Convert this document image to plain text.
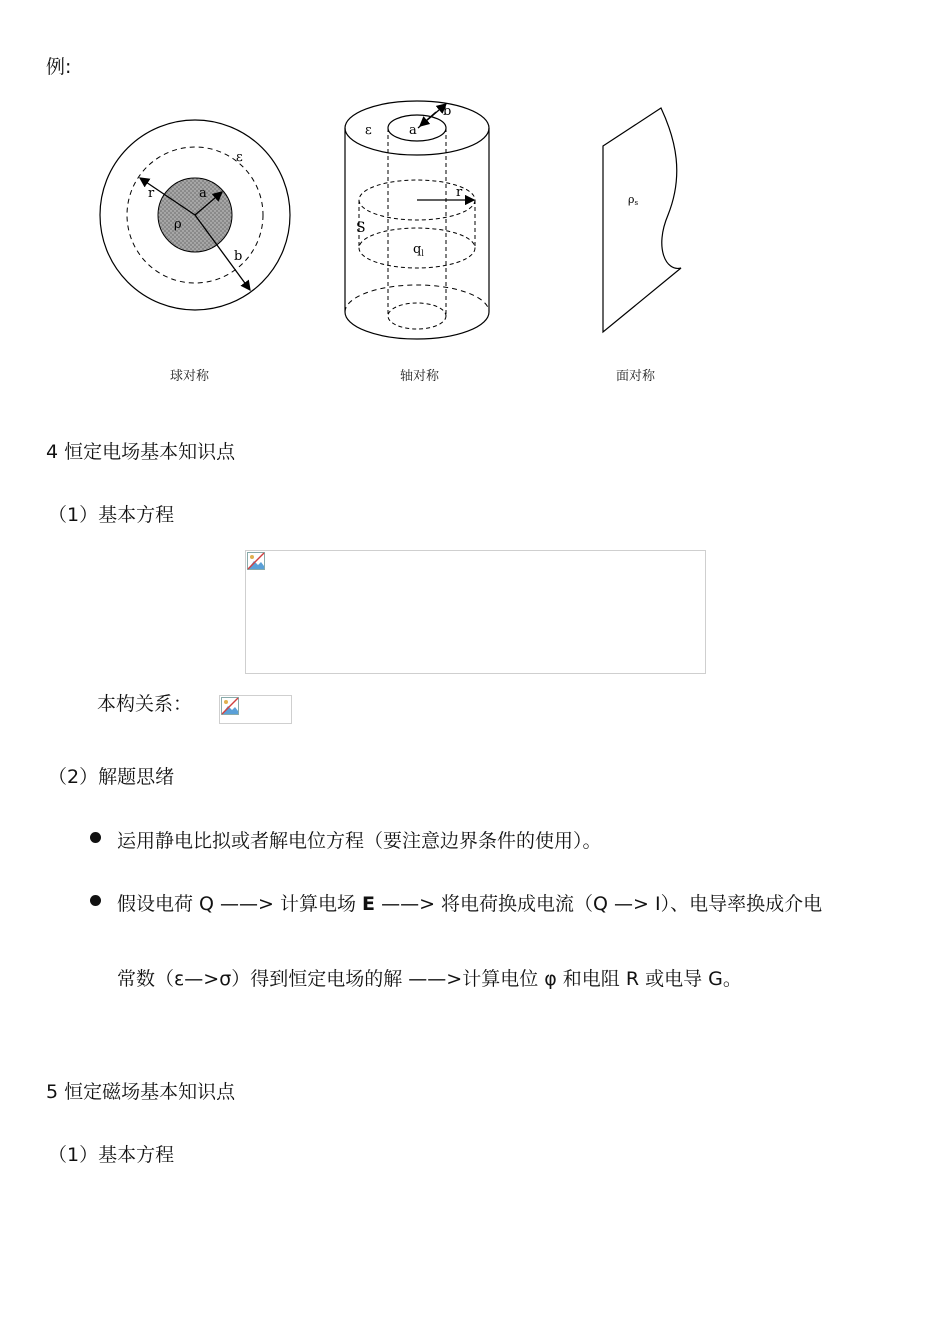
例:
ε
r	a
ρ
b
ε	a
b
r
S
$q_l$
ρs
球对称	轴对称	面对称
4 恒定电场基本知识点
（1）基本方程
本构关系：
（2）解题思绪
运用静电比拟或者解电位方程（要注意边界条件的使用）。
假设电荷 Q ——> 计算电场 E ——> 将电荷换成电流（Q —> I）、电导率换成介电
常数（ε—>σ）得到恒定电场的解 ——>计算电位 φ 和电阻 R 或电导 G。
5 恒定磁场基本知识点
（1）基本方程
